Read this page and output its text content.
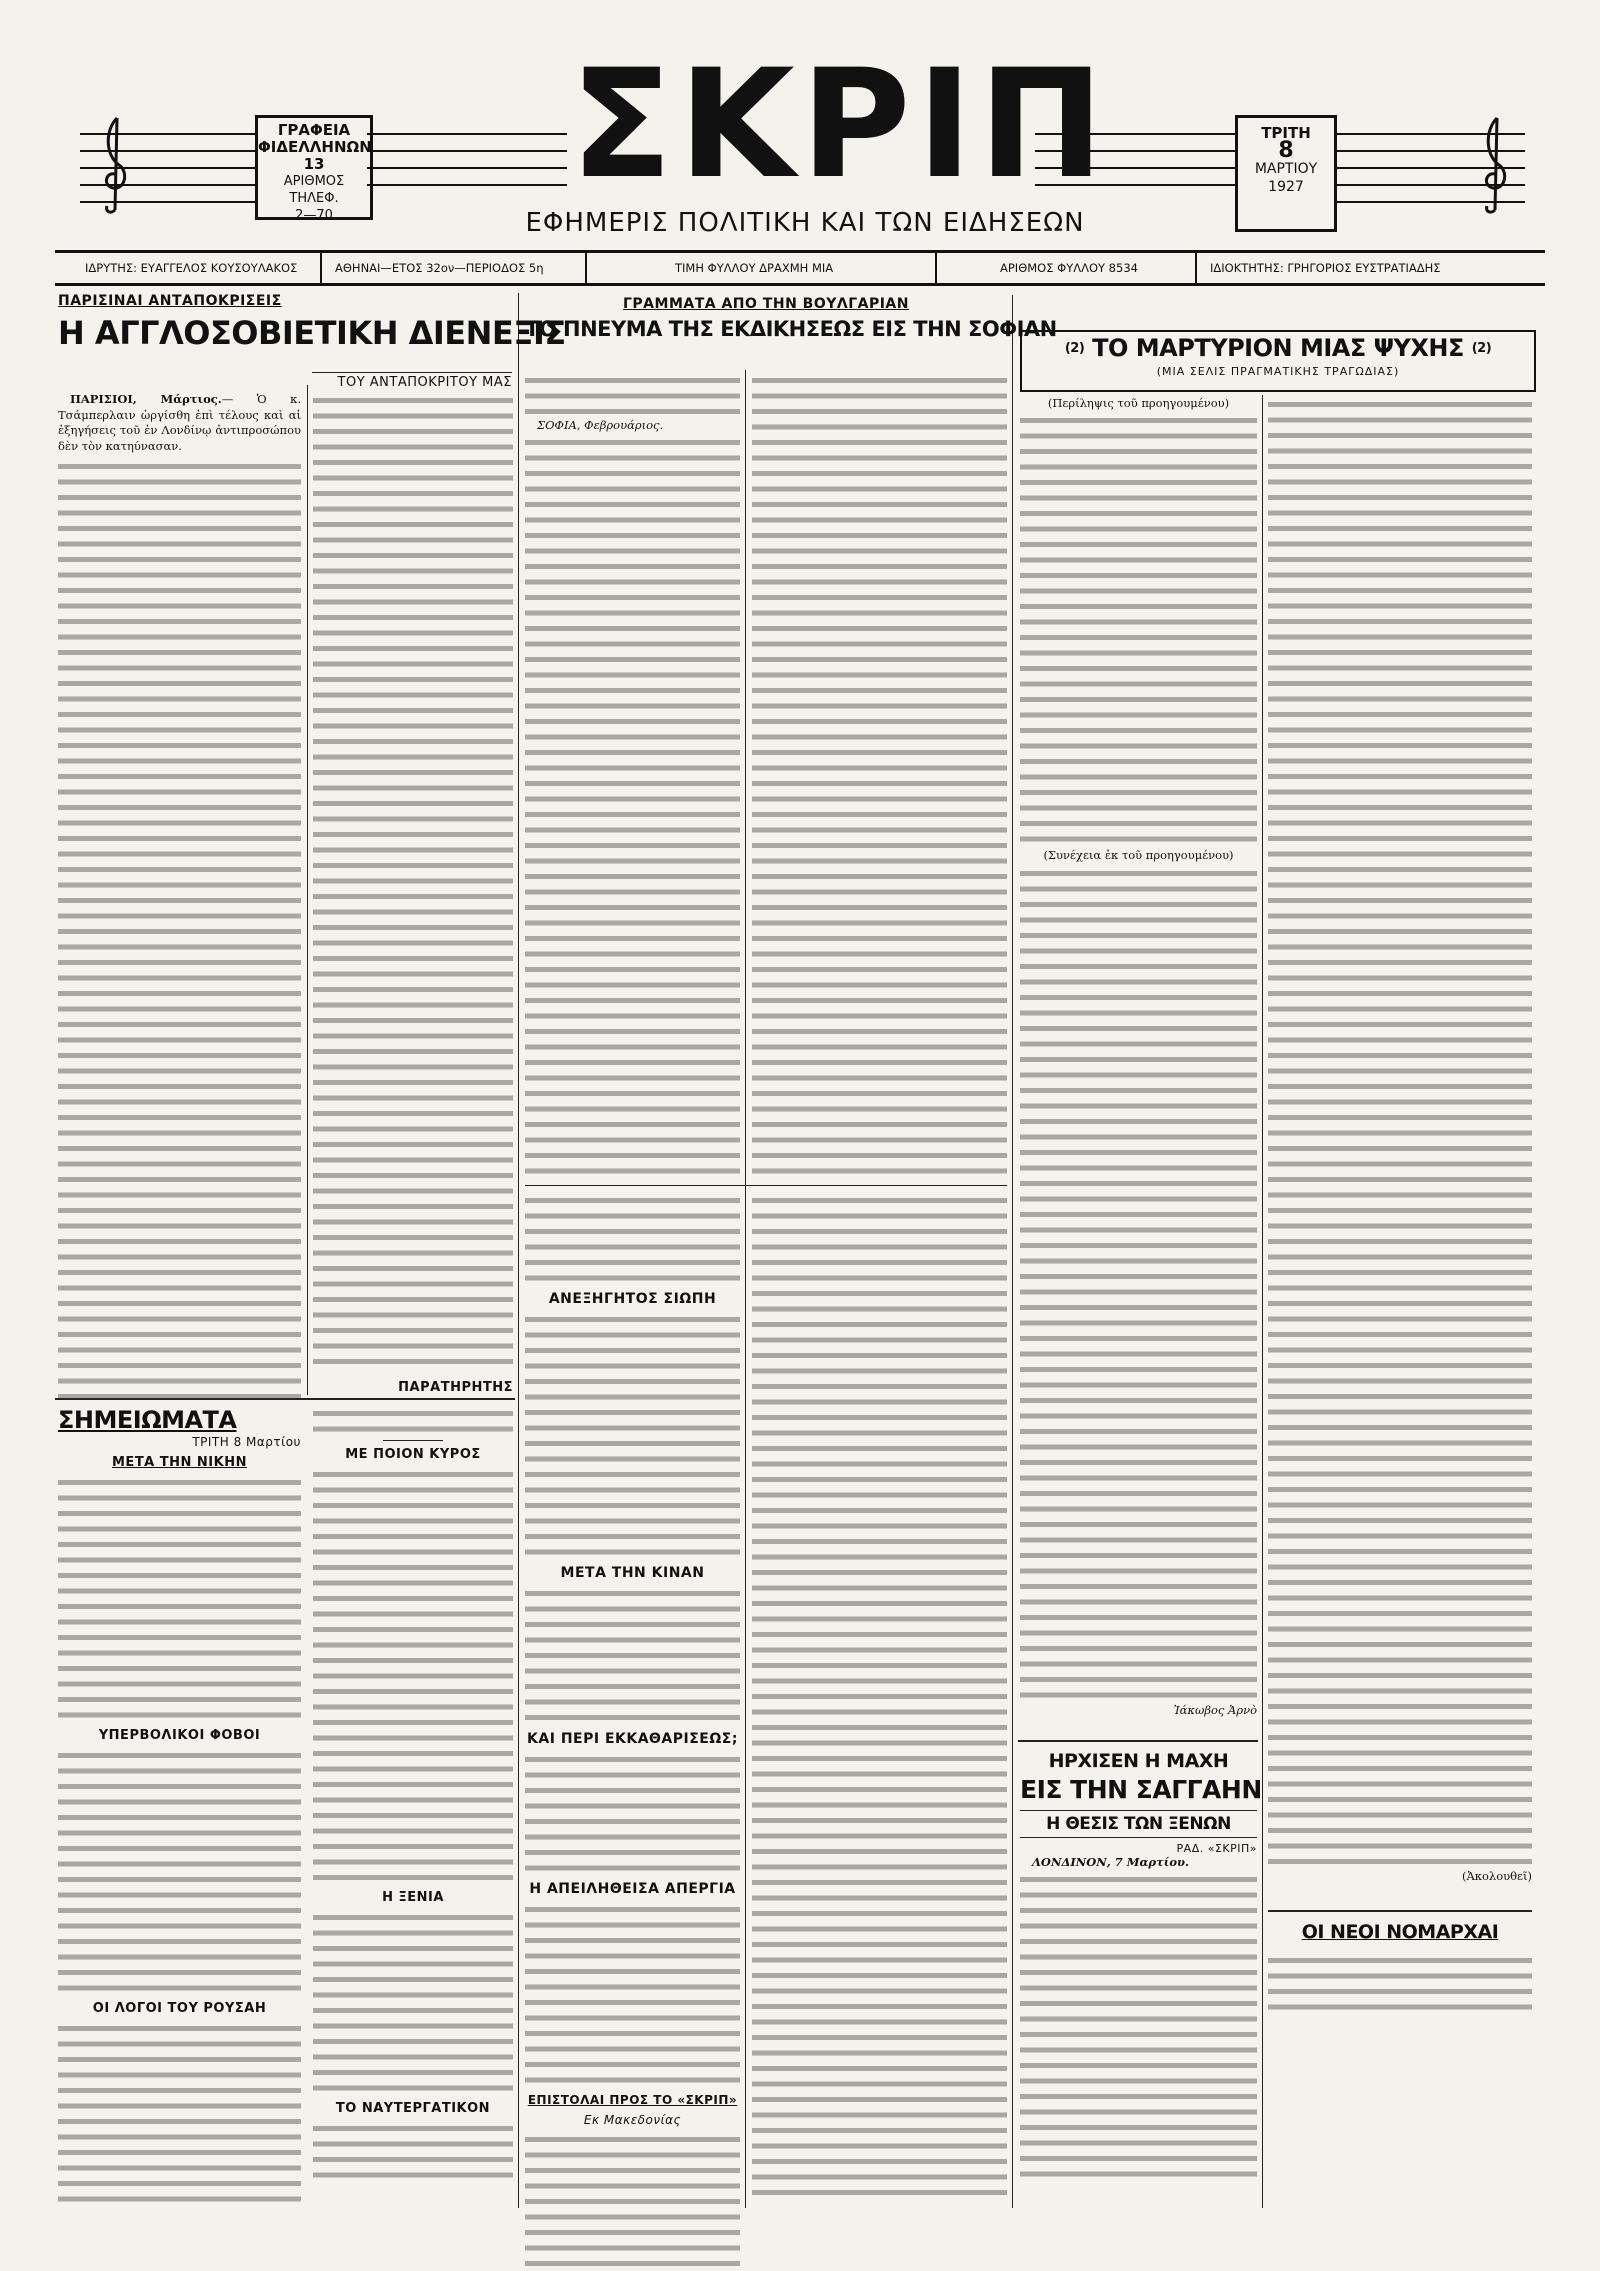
ΓΡΑΦΕΙΑ
ΦΙΔΕΛΛΗΝΩΝ 13
ΑΡΙΘΜΟΣ ΤΗΛΕΦ.
2—70
ΣΚΡΙΠ
ΕΦΗΜΕΡΙΣ ΠΟΛΙΤΙΚΗ ΚΑΙ ΤΩΝ ΕΙΔΗΣΕΩΝ
ΤΡΙΤΗ
8
ΜΑΡΤΙΟΥ
1927
ΙΔΡΥΤΗΣ: ΕΥΑΓΓΕΛΟΣ ΚΟΥΣΟΥΛΑΚΟΣ	ΑΘΗΝΑΙ—ΕΤΟΣ 32ον—ΠΕΡΙΟΔΟΣ 5η	ΤΙΜΗ ΦΥΛΛΟΥ ΔΡΑΧΜΗ ΜΙΑ	ΑΡΙΘΜΟΣ ΦΥΛΛΟΥ 8534	ΙΔΙΟΚΤΗΤΗΣ: ΓΡΗΓΟΡΙΟΣ ΕΥΣΤΡΑΤΙΑΔΗΣ
ΠΑΡΙΣΙΝΑΙ ΑΝΤΑΠΟΚΡΙΣΕΙΣ
Η ΑΓΓΛΟΣΟΒΙΕΤΙΚΗ ΔΙΕΝΕΞΙΣ
ΤΟΥ ΑΝΤΑΠΟΚΡΙΤΟΥ ΜΑΣ

ΠΑΡΙΣΙΟΙ, Μάρτιος.— Ὁ κ. Τσάμπερλαιν ὡργίσθη ἐπὶ τέλους καὶ αἱ ἐξηγήσεις τοῦ ἐν Λονδίνῳ ἀντιπροσώπου δὲν τὸν κατηύνασαν.

ΠΑΡΑΤΗΡΗΤΗΣ
ΣΗΜΕΙΩΜΑΤΑ
ΤΡΙΤΗ 8 Μαρτίου
ΜΕΤΑ ΤΗΝ ΝΙΚΗΝ
ΥΠΕΡΒΟΛΙΚΟΙ ΦΟΒΟΙ
ΟΙ ΛΟΓΟΙ ΤΟΥ ΡΟΥΣΑΗ
ΜΕ ΠΟΙΟΝ ΚΥΡΟΣ
Η ΞΕΝΙΑ
ΤΟ ΝΑΥΤΕΡΓΑΤΙΚΟΝ
ΓΡΑΜΜΑΤΑ ΑΠΟ ΤΗΝ ΒΟΥΛΓΑΡΙΑΝ
ΤΟ ΠΝΕΥΜΑ ΤΗΣ ΕΚΔΙΚΗΣΕΩΣ ΕΙΣ ΤΗΝ ΣΟΦΙΑΝ

ΣΟΦΙΑ, Φεβρουάριος.

ΑΝΕΞΗΓΗΤΟΣ ΣΙΩΠΗ
ΜΕΤΑ ΤΗΝ ΚΙΝΑΝ
ΚΑΙ ΠΕΡΙ ΕΚΚΑΘΑΡΙΣΕΩΣ;
Η ΑΠΕΙΛΗΘΕΙΣΑ ΑΠΕΡΓΙΑ
ΕΠΙΣΤΟΛΑΙ ΠΡΟΣ ΤΟ «ΣΚΡΙΠ»
Εκ Μακεδονίας
(2) ΤΟ ΜΑΡΤΥΡΙΟΝ ΜΙΑΣ ΨΥΧΗΣ (2)
(ΜΙΑ ΣΕΛΙΣ ΠΡΑΓΜΑΤΙΚΗΣ ΤΡΑΓΩΔΙΑΣ)
(Περίληψις τοῦ προηγουμένου)
(Συνέχεια ἐκ τοῦ προηγουμένου)
Ἰάκωβος Ἀρνὸ
(Ἀκολουθεῖ)
ΗΡΧΙΣΕΝ Η ΜΑΧΗ
ΕΙΣ ΤΗΝ ΣΑΓΓΑΗΝ
Η ΘΕΣΙΣ ΤΩΝ ΞΕΝΩΝ
ΡΑΔ. «ΣΚΡΙΠ»

ΛΟΝΔΙΝΟΝ, 7 Μαρτίου.

ΟΙ ΝΕΟΙ ΝΟΜΑΡΧΑΙ
